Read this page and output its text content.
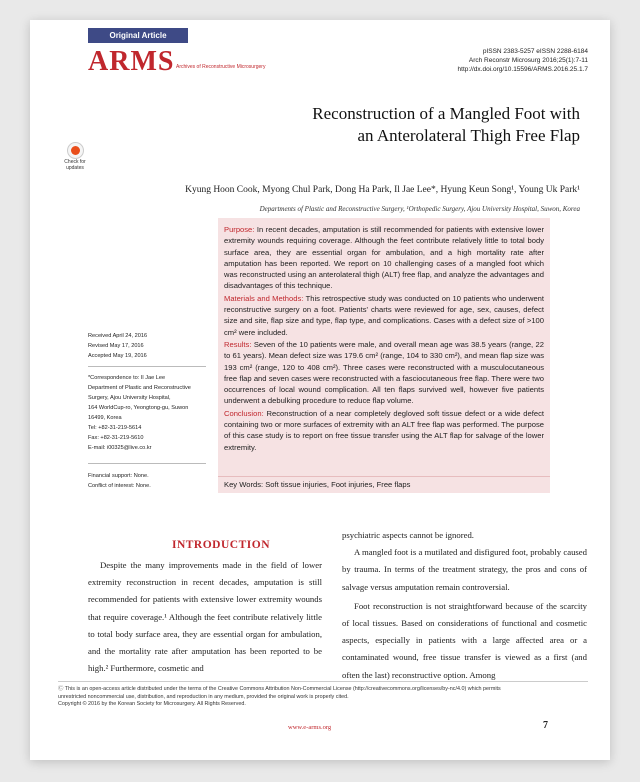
Original Article
ARMS Archives of Reconstructive Microsurgery
pISSN 2383-5257 eISSN 2288-6184
Arch Reconstr Microsurg 2016;25(1):7-11
http://dx.doi.org/10.15596/ARMS.2016.25.1.7
Reconstruction of a Mangled Foot with
an Anterolateral Thigh Free Flap
Check for updates
Kyung Hoon Cook, Myong Chul Park, Dong Ha Park, Il Jae Lee*, Hyung Keun Song¹, Young Uk Park¹
Departments of Plastic and Reconstructive Surgery, ¹Orthopedic Surgery, Ajou University Hospital, Suwon, Korea

Purpose: In recent decades, amputation is still recommended for patients with extensive lower extremity wounds requiring coverage. Although the feet contribute relatively little to total body surface area, they are essential organ for ambulation, and a high mortality rate after amputation has been reported. We report on 10 challenging cases of a mangled foot which was reconstructed using an anterolateral thigh (ALT) free flap, and analyze the advantages and disadvantages of this technique.

Materials and Methods: This retrospective study was conducted on 10 patients who underwent reconstructive surgery on a foot. Patients' charts were reviewed for age, sex, causes, defect size and site, flap size and type, flap type, and complications. Cases with a defect size of >100 cm² were included.

Results: Seven of the 10 patients were male, and overall mean age was 38.5 years (range, 22 to 61 years). Mean defect size was 179.6 cm² (range, 104 to 330 cm²), and mean flap size was 193 cm² (range, 120 to 408 cm²). Three cases were reconstructed with a musculocutaneous free flap and seven cases were reconstructed with a fasciocutaneous free flap. There were two occurrences of local wound complication. All ten flaps survived well, however five patients underwent a debulking procedure to reduce flap volume.

Conclusion: Reconstruction of a near completely degloved soft tissue defect or a wide defect containing two or more surfaces of extremity with an ALT free flap was performed. The purpose of this case study is to report on free tissue transfer using the ALT flap for salvage of the lower extremity.

Key Words: Soft tissue injuries, Foot injuries, Free flaps
Received April 24, 2016
Revised May 17, 2016
Accepted May 19, 2016
*Correspondence to: Il Jae Lee
Department of Plastic and Reconstructive
Surgery, Ajou University Hospital,
164 WorldCup-ro, Yeongtong-gu, Suwon
16499, Korea
Tel: +82-31-219-5614
Fax: +82-31-219-5610
E-mail: i00325@live.co.kr
Financial support: None.
Conflict of interest: None.
INTRODUCTION

Despite the many improvements made in the field of lower extremity reconstruction in recent decades, amputation is still recommended for patients with extensive lower extremity wounds that require coverage.¹ Although the feet contribute relatively little to total body surface area, they are essential organ for ambulation, and the mortality rate after amputation has been reported to be high.² Furthermore, cosmetic and

psychiatric aspects cannot be ignored.

A mangled foot is a mutilated and disfigured foot, probably caused by trauma. In terms of the treatment strategy, the pros and cons of salvage versus amputation remain controversial.

Foot reconstruction is not straightforward because of the scarcity of local tissues. Based on considerations of functional and cosmetic aspects, especially in patients with a large affected area or a contaminated wound, free tissue transfer is viewed as a first (and often the last) reconstructive option. Among

Ⓒ This is an open-access article distributed under the terms of the Creative Commons Attribution Non-Commercial License (http://creativecommons.org/licenses/by-nc/4.0) which permits
unrestricted noncommercial use, distribution, and reproduction in any medium, provided the original work is properly cited.
Copyright © 2016 by the Korean Society for Microsurgery. All Rights Reserved.
www.e-arms.org	7
